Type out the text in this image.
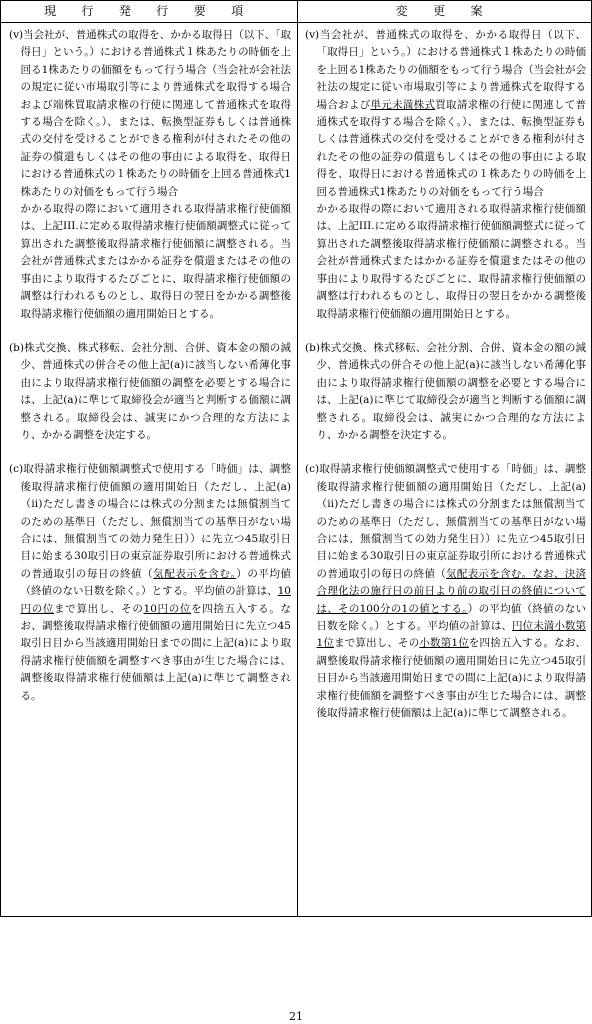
現 行 発 行 要 項	変 更 案

(v)当会社が、普通株式の取得を、かかる取得日（以下、「取得日」という。）における普通株式１株あたりの時価を上回る1株あたりの価額をもって行う場合（当会社が会社法の規定に従い市場取引等により普通株式を取得する場合および端株買取請求権の行使に関連して普通株式を取得する場合を除く。）、または、転換型証券もしくは普通株式の交付を受けることができる権利が付されたその他の証券の償還もしくはその他の事由による取得を、取得日における普通株式の１株あたりの時価を上回る普通株式1株あたりの対価をもって行う場合

かかる取得の際において適用される取得請求権行使価額は、上記III.に定める取得請求権行使価額調整式に従って算出された調整後取得請求権行使価額に調整される。当会社が普通株式またはかかる証券を償還またはその他の事由により取得するたびごとに、取得請求権行使価額の調整は行われるものとし、取得日の翌日をかかる調整後取得請求権行使価額の適用開始日とする。

(b)株式交換、株式移転、会社分割、合併、資本金の額の減少、普通株式の併合その他上記(a)に該当しない希薄化事由により取得請求権行使価額の調整を必要とする場合には、上記(a)に準じて取締役会が適当と判断する価額に調整される。取締役会は、誠実にかつ合理的な方法により、かかる調整を決定する。

(c)取得請求権行使価額調整式で使用する「時価」は、調整後取得請求権行使価額の適用開始日（ただし、上記(a)（ⅱ)ただし書きの場合には株式の分割または無償割当てのための基準日（ただし、無償割当ての基準日がない場合には、無償割当ての効力発生日））に先立つ45取引日目に始まる30取引日の東京証券取引所における普通株式の普通取引の毎日の終値（気配表示を含む。）の平均値（終値のない日数を除く。）とする。平均値の計算は、10円の位まで算出し、その10円の位を四捨五入する。なお、調整後取得請求権行使価額の適用開始日に先立つ45取引日目から当該適用開始日までの間に上記(a)により取得請求権行使価額を調整すべき事由が生じた場合には、調整後取得請求権行使価額は上記(a)に準じて調整される。

(v)当会社が、普通株式の取得を、かかる取得日（以下、「取得日」という。）における普通株式１株あたりの時価を上回る1株あたりの価額をもって行う場合（当会社が会社法の規定に従い市場取引等により普通株式を取得する場合および単元未満株式買取請求権の行使に関連して普通株式を取得する場合を除く。）、または、転換型証券もしくは普通株式の交付を受けることができる権利が付されたその他の証券の償還もしくはその他の事由による取得を、取得日における普通株式の１株あたりの時価を上回る普通株式1株あたりの対価をもって行う場合

かかる取得の際において適用される取得請求権行使価額は、上記III.に定める取得請求権行使価額調整式に従って算出された調整後取得請求権行使価額に調整される。当会社が普通株式またはかかる証券を償還またはその他の事由により取得するたびごとに、取得請求権行使価額の調整は行われるものとし、取得日の翌日をかかる調整後取得請求権行使価額の適用開始日とする。

(b)株式交換、株式移転、会社分割、合併、資本金の額の減少、普通株式の併合その他上記(a)に該当しない希薄化事由により取得請求権行使価額の調整を必要とする場合には、上記(a)に準じて取締役会が適当と判断する価額に調整される。取締役会は、誠実にかつ合理的な方法により、かかる調整を決定する。

(c)取得請求権行使価額調整式で使用する「時価」は、調整後取得請求権行使価額の適用開始日（ただし、上記(a)（ⅱ)ただし書きの場合には株式の分割または無償割当てのための基準日（ただし、無償割当ての基準日がない場合には、無償割当ての効力発生日））に先立つ45取引日目に始まる30取引日の東京証券取引所における普通株式の普通取引の毎日の終値（気配表示を含む。なお、決済合理化法の施行日の前日より前の取引日の終値については、その100分の1の値とする。）の平均値（終値のない日数を除く。）とする。平均値の計算は、円位未満小数第1位まで算出し、その小数第1位を四捨五入する。なお、調整後取得請求権行使価額の適用開始日に先立つ45取引日目から当該適用開始日までの間に上記(a)により取得請求権行使価額を調整すべき事由が生じた場合には、調整後取得請求権行使価額は上記(a)に準じて調整される。

21
